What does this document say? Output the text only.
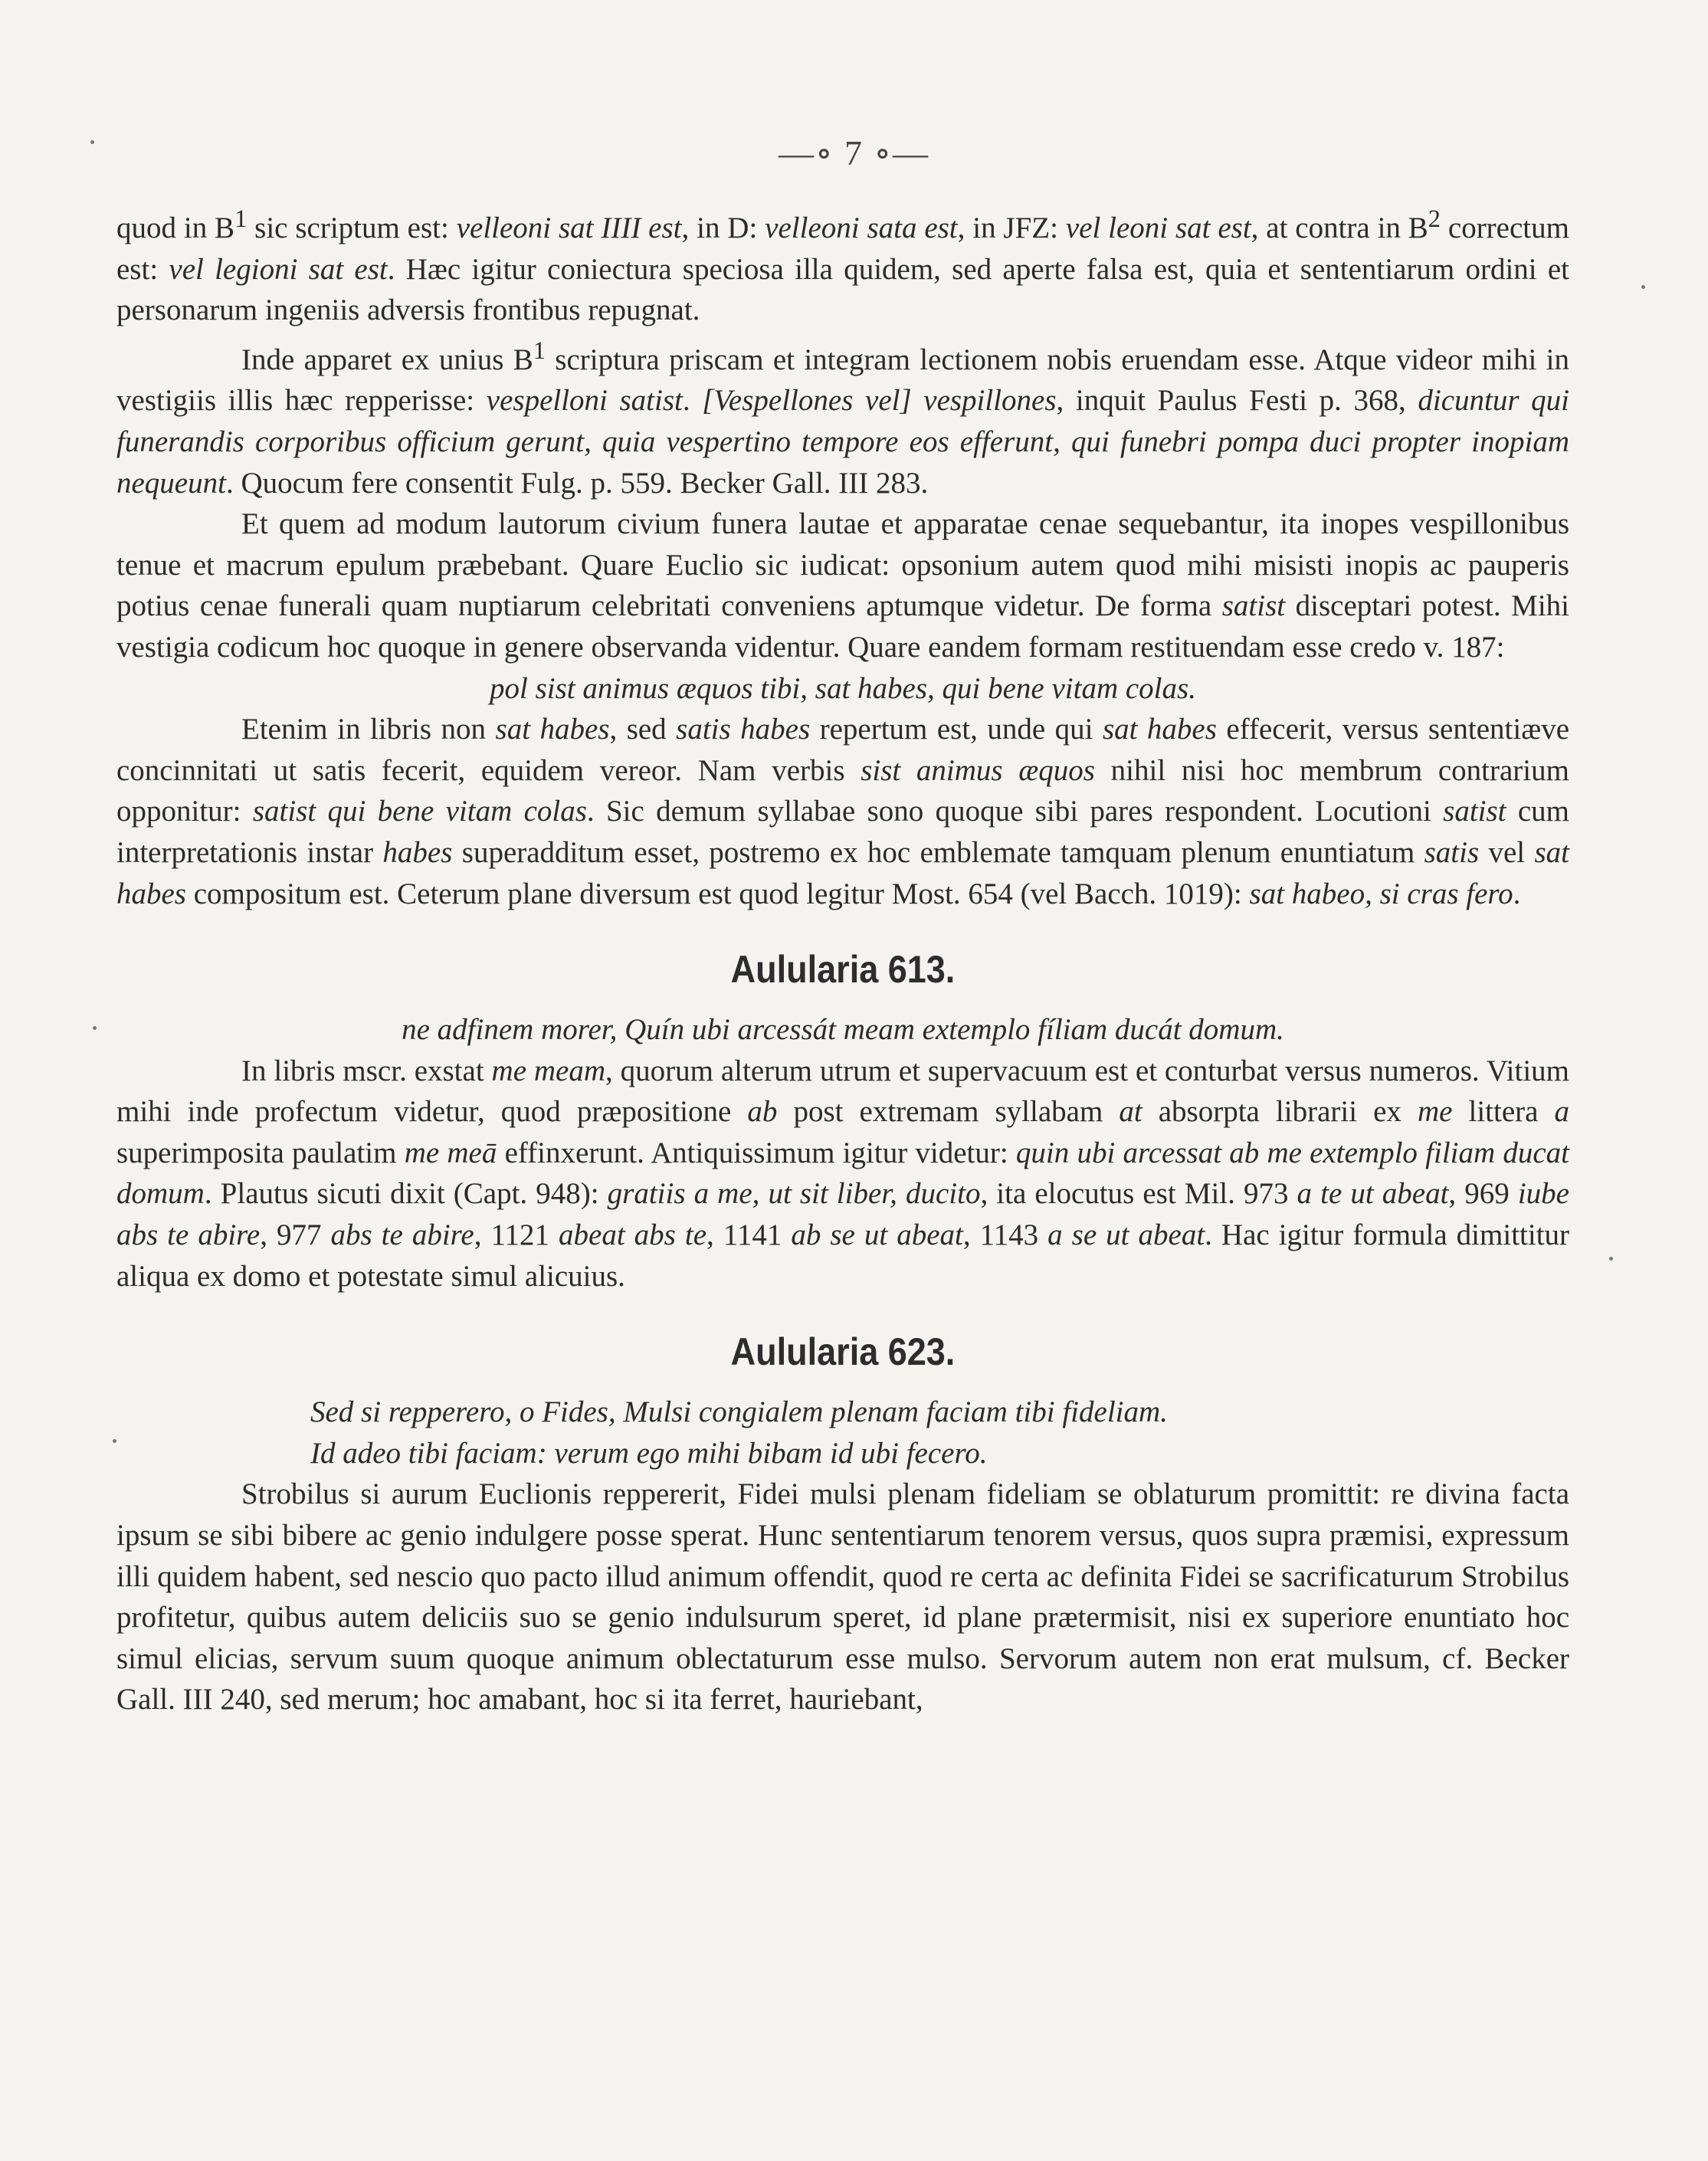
—∘ 7 ∘—

quod in $B^1$ sic scriptum est: velleoni sat IIII est, in D: velleoni sata est, in JFZ: vel leoni sat est, at contra in $B^2$ correctum est: vel legioni sat est. Hæc igitur coniectura speciosa illa quidem, sed aperte falsa est, quia et sententiarum ordini et personarum ingeniis adversis frontibus repugnat.

Inde apparet ex unius $B^1$ scriptura priscam et integram lectionem nobis eruendam esse. Atque videor mihi in vestigiis illis hæc repperisse: vespelloni satist. [Vespellones vel] vespillones, inquit Paulus Festi p. 368, dicuntur qui funerandis corporibus officium gerunt, quia vespertino tempore eos efferunt, qui funebri pompa duci propter inopiam nequeunt. Quocum fere consentit Fulg. p. 559. Becker Gall. III 283.

Et quem ad modum lautorum civium funera lautae et apparatae cenae sequebantur, ita inopes vespillonibus tenue et macrum epulum præbebant. Quare Euclio sic iudicat: opsonium autem quod mihi misisti inopis ac pauperis potius cenae funerali quam nuptiarum celebritati conveniens aptumque videtur. De forma satist disceptari potest. Mihi vestigia codicum hoc quoque in genere observanda videntur. Quare eandem formam restituendam esse credo v. 187:

pol sist animus æquos tibi, sat habes, qui bene vitam colas.

Etenim in libris non sat habes, sed satis habes repertum est, unde qui sat habes effecerit, versus sententiæve concinnitati ut satis fecerit, equidem vereor. Nam verbis sist animus æquos nihil nisi hoc membrum contrarium opponitur: satist qui bene vitam colas. Sic demum syllabae sono quoque sibi pares respondent. Locutioni satist cum interpretationis instar habes superadditum esset, postremo ex hoc emblemate tamquam plenum enuntiatum satis vel sat habes compositum est. Ceterum plane diversum est quod legitur Most. 654 (vel Bacch. 1019): sat habeo, si cras fero.

Aulularia 613.

ne adfinem morer, Quín ubi arcessát meam extemplo fíliam ducát domum.

In libris mscr. exstat me meam, quorum alterum utrum et supervacuum est et conturbat versus numeros. Vitium mihi inde profectum videtur, quod præpositione ab post extremam syllabam at absorpta librarii ex me littera a superimposita paulatim me meā effinxerunt. Antiquissimum igitur videtur: quin ubi arcessat ab me extemplo filiam ducat domum. Plautus sicuti dixit (Capt. 948): gratiis a me, ut sit liber, ducito, ita elocutus est Mil. 973 a te ut abeat, 969 iube abs te abire, 977 abs te abire, 1121 abeat abs te, 1141 ab se ut abeat, 1143 a se ut abeat. Hac igitur formula dimittitur aliqua ex domo et potestate simul alicuius.

Aulularia 623.

Sed si repperero, o Fides, Mulsi congialem plenam faciam tibi fideliam.

Id adeo tibi faciam: verum ego mihi bibam id ubi fecero.

Strobilus si aurum Euclionis reppererit, Fidei mulsi plenam fideliam se oblaturum promittit: re divina facta ipsum se sibi bibere ac genio indulgere posse sperat. Hunc sententiarum tenorem versus, quos supra præmisi, expressum illi quidem habent, sed nescio quo pacto illud animum offendit, quod re certa ac definita Fidei se sacrificaturum Strobilus profitetur, quibus autem deliciis suo se genio indulsurum speret, id plane prætermisit, nisi ex superiore enuntiato hoc simul elicias, servum suum quoque animum oblectaturum esse mulso. Servorum autem non erat mulsum, cf. Becker Gall. III 240, sed merum; hoc amabant, hoc si ita ferret, hauriebant,
